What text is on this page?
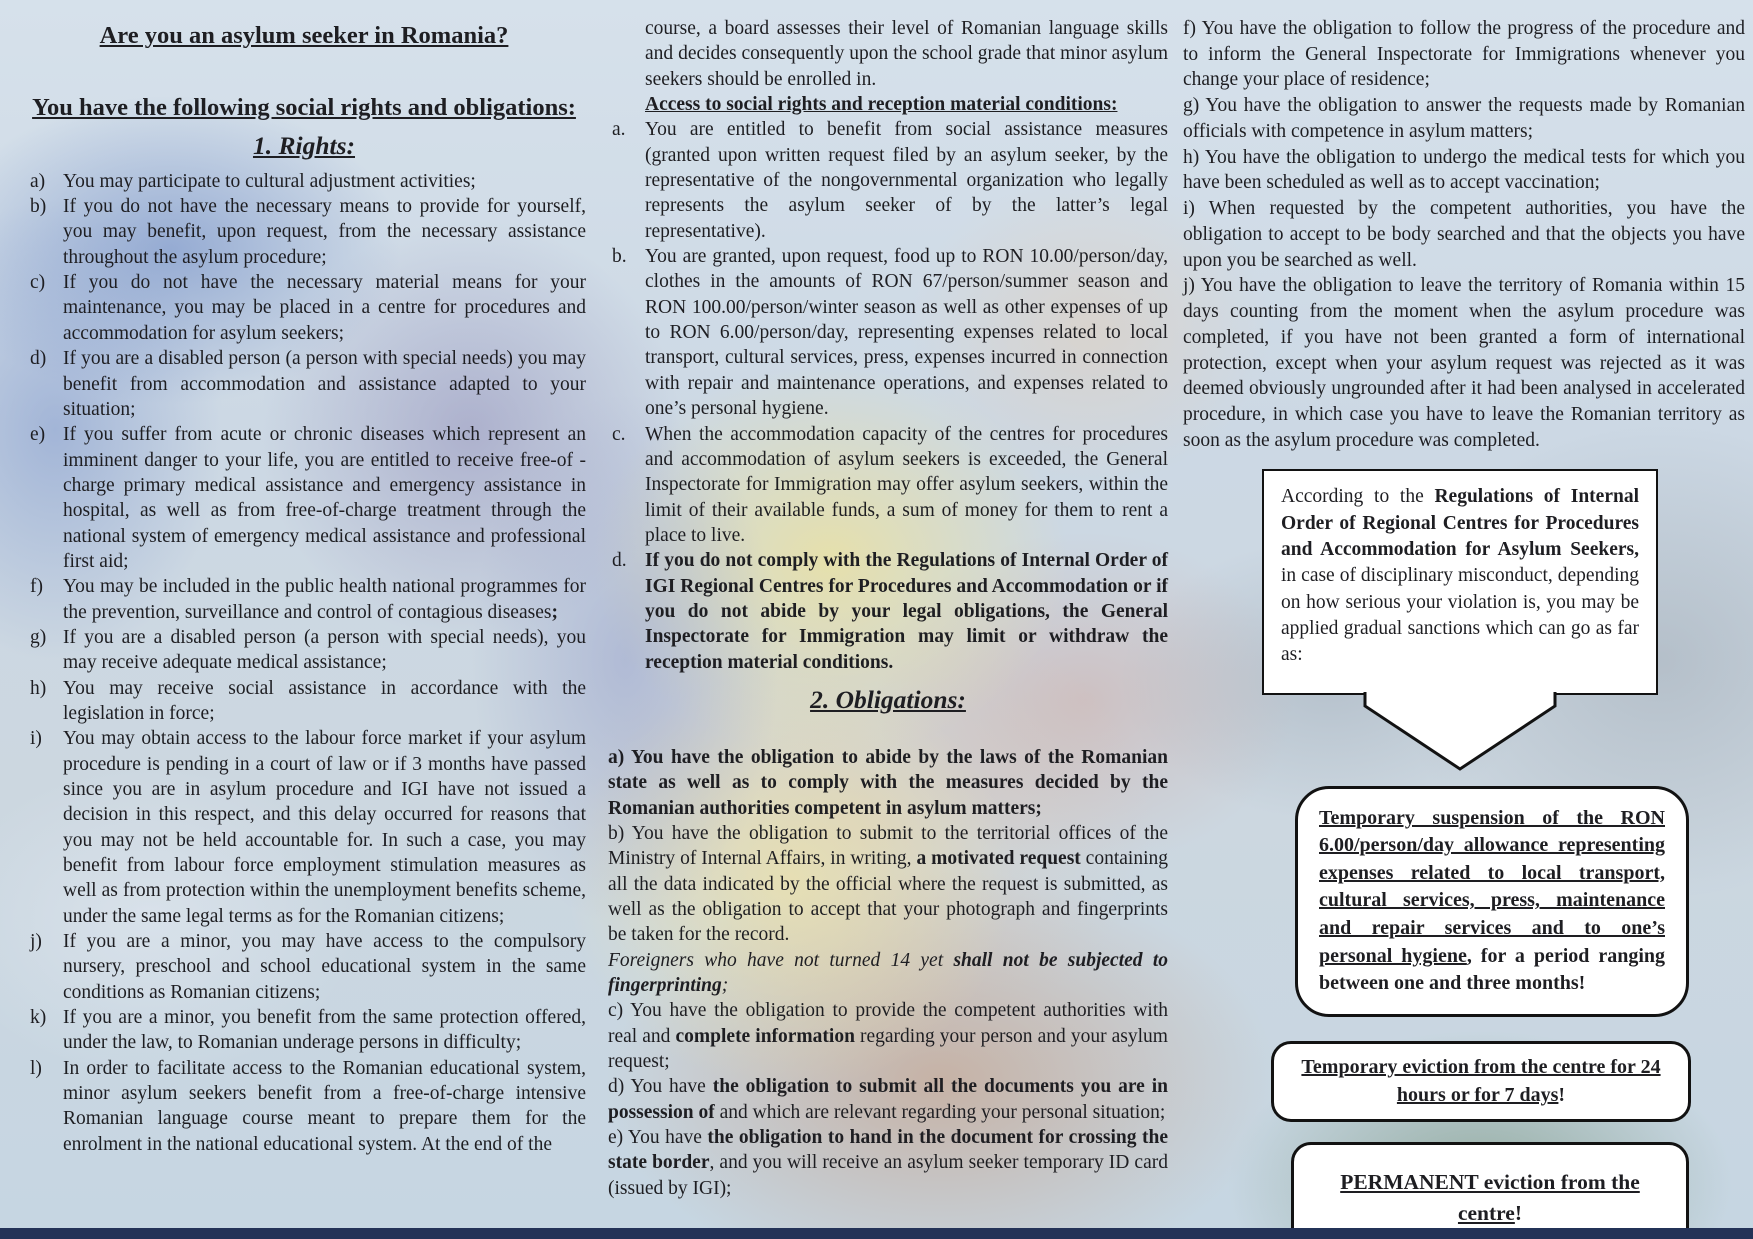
Are you an asylum seeker in Romania?
You have the following social rights and obligations:
1. Rights:
a) You may participate to cultural adjustment activities;
b) If you do not have the necessary means to provide for yourself, you may benefit, upon request, from the necessary assistance throughout the asylum procedure;
c) If you do not have the necessary material means for your maintenance, you may be placed in a centre for procedures and accommodation for asylum seekers;
d) If you are a disabled person (a person with special needs) you may benefit from accommodation and assistance adapted to your situation;
e) If you suffer from acute or chronic diseases which represent an imminent danger to your life, you are entitled to receive free-of -charge primary medical assistance and emergency assistance in hospital, as well as from free-of-charge treatment through the national system of emergency medical assistance and professional first aid;
f)	You may be included in the public health national programmes for the prevention, surveillance and control of contagious diseases;
g) If you are a disabled person (a person with special needs), you may receive adequate medical assistance;
h) You may receive social assistance in accordance with the legislation in force;
i)	You may obtain access to the labour force market if your asylum procedure is pending in a court of law or if 3 months have passed since you are in asylum procedure and IGI have not issued a decision in this respect, and this delay occurred for reasons that you may not be held accountable for. In such a case, you may benefit from labour force employment stimulation measures as well as from protection within the unemployment benefits scheme, under the same legal terms as for the Romanian citizens;
j)	If you are a minor, you may have access to the compulsory nursery, preschool and school educational system in the same conditions as Romanian citizens;
k) If you are a minor, you benefit from the same protection offered, under the law, to Romanian underage persons in difficulty;
l)	In order to facilitate access to the Romanian educational system, minor asylum seekers benefit from a free-of-charge intensive Romanian language course meant to prepare them for the enrolment in the national educational system. At the end of the

course, a board assesses their level of Romanian language skills and decides consequently upon the school grade that minor asylum seekers should be enrolled in.

Access to social rights and reception material conditions:
a. You are entitled to benefit from social assistance measures (granted upon written request filed by an asylum seeker, by the representative of the nongovernmental organization who legally represents the asylum seeker of by the latter’s legal representative).
b. You are granted, upon request, food up to RON 10.00/person/day, clothes in the amounts of RON 67/person/summer season and RON 100.00/person/winter season as well as other expenses of up to RON 6.00/person/day, representing expenses related to local transport, cultural services, press, expenses incurred in connection with repair and maintenance operations, and expenses related to one’s personal hygiene.
c. When the accommodation capacity of the centres for procedures and accommodation of asylum seekers is exceeded, the General Inspectorate for Immigration may offer asylum seekers, within the limit of their available funds, a sum of money for them to rent a place to live.
d. If you do not comply with the Regulations of Internal Order of IGI Regional Centres for Procedures and Accommodation or if you do not abide by your legal obligations, the General Inspectorate for Immigration may limit or withdraw the reception material conditions.
2. Obligations:

a) You have the obligation to abide by the laws of the Romanian state as well as to comply with the measures decided by the Romanian authorities competent in asylum matters;

b) You have the obligation to submit to the territorial offices of the Ministry of Internal Affairs, in writing, a motivated request containing all the data indicated by the official where the request is submitted, as well as the obligation to accept that your photograph and fingerprints be taken for the record.

Foreigners who have not turned 14 yet shall not be subjected to fingerprinting;

c) You have the obligation to provide the competent authorities with real and complete information regarding your person and your asylum request;

d) You have the obligation to submit all the documents you are in possession of and which are relevant regarding your personal situation;

e) You have the obligation to hand in the document for crossing the state border, and you will receive an asylum seeker temporary ID card (issued by IGI);

f) You have the obligation to follow the progress of the procedure and to inform the General Inspectorate for Immigrations whenever you change your place of residence;

g) You have the obligation to answer the requests made by Romanian officials with competence in asylum matters;

h) You have the obligation to undergo the medical tests for which you have been scheduled as well as to accept vaccination;

i) When requested by the competent authorities, you have the obligation to accept to be body searched and that the objects you have upon you be searched as well.

j) You have the obligation to leave the territory of Romania within 15 days counting from the moment when the asylum procedure was completed, if you have not been granted a form of international protection, except when your asylum request was rejected as it was deemed obviously ungrounded after it had been analysed in accelerated procedure, in which case you have to leave the Romanian territory as soon as the asylum procedure was completed.

According to the Regulations of Internal Order of Regional Centres for Procedures and Accommodation for Asylum Seekers, in case of disciplinary misconduct, depending on how serious your violation is, you may be applied gradual sanctions which can go as far as:
Temporary suspension of the RON 6.00/person/day allowance representing expenses related to local transport, cultural services, press, maintenance and repair services and to one’s personal hygiene, for a period ranging between one and three months!
Temporary eviction from the centre for 24 hours or for 7 days!
PERMANENT eviction from the centre!
